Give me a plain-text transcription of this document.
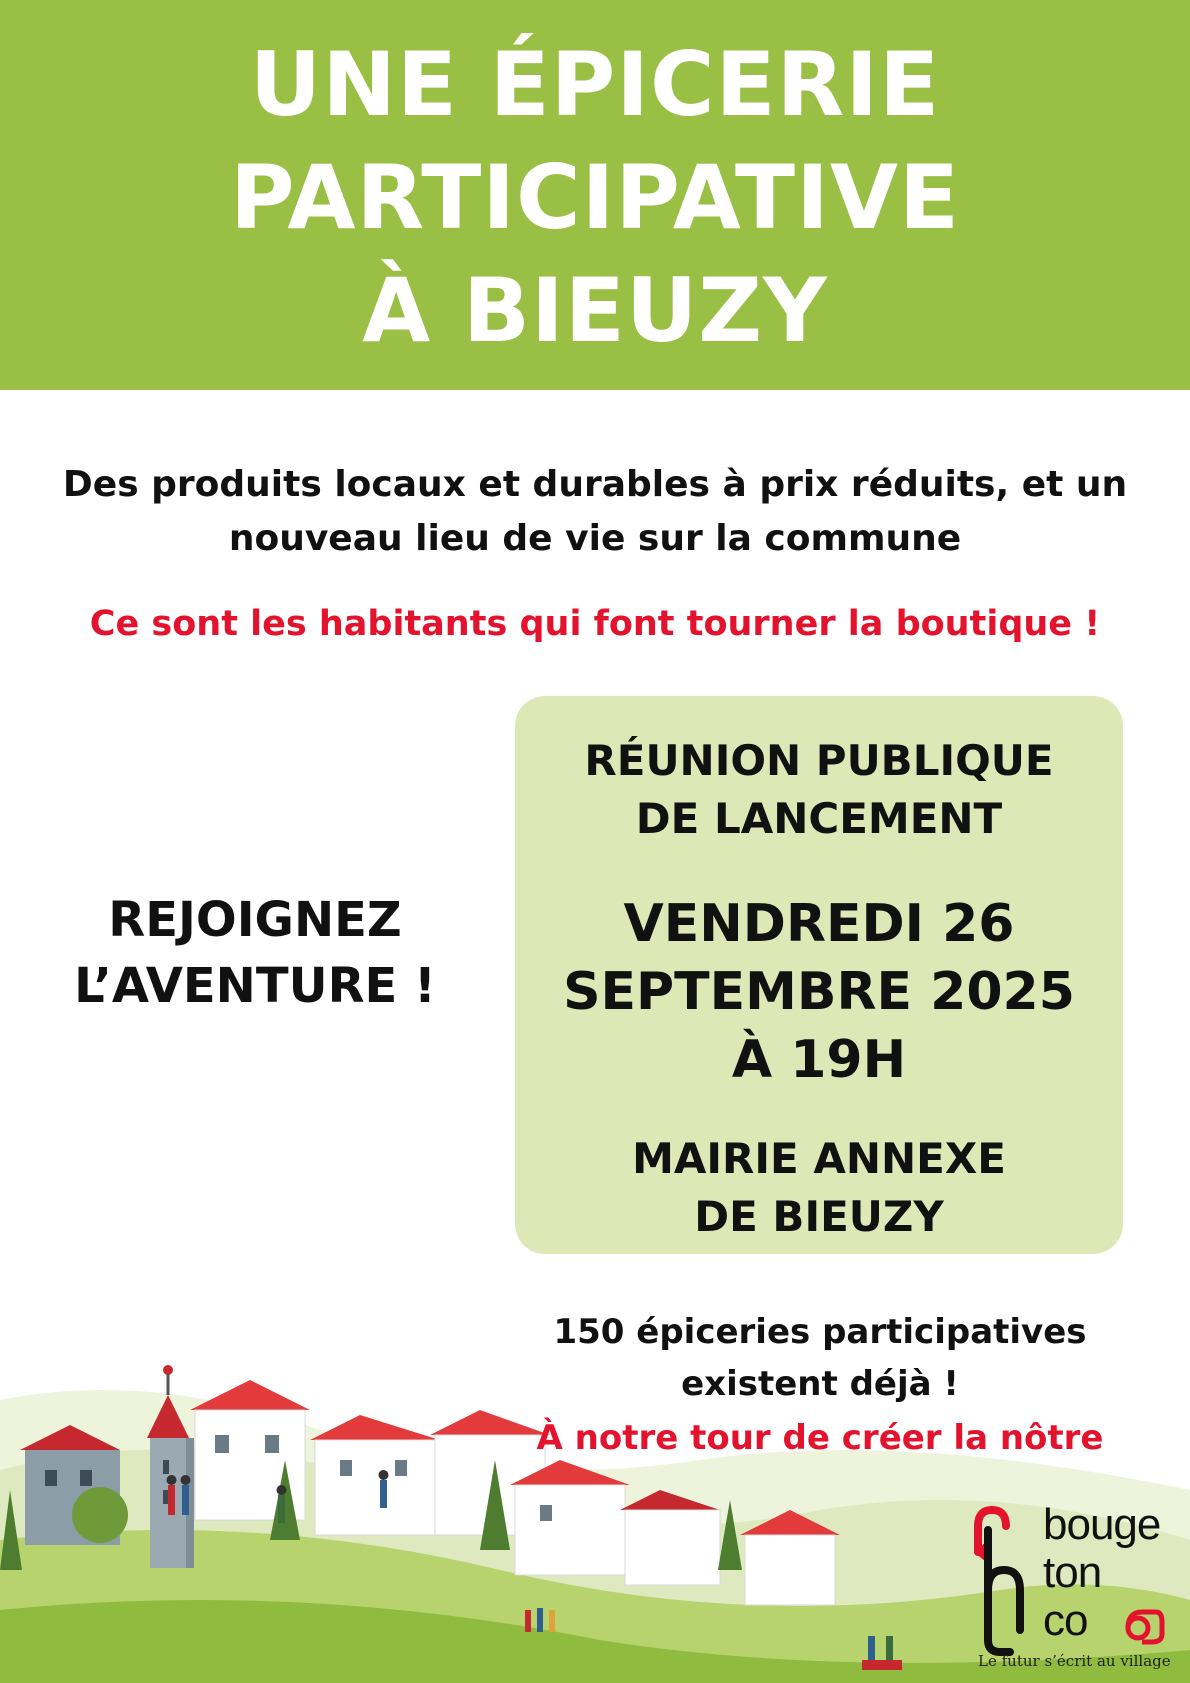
UNE ÉPICERIE
PARTICIPATIVE
À BIEUZY
Des produits locaux et durables à prix réduits, et un
nouveau lieu de vie sur la commune
Ce sont les habitants qui font tourner la boutique !
REJOIGNEZ
L’AVENTURE !
RÉUNION PUBLIQUE
DE LANCEMENT
VENDREDI 26
SEPTEMBRE 2025
À 19H
MAIRIE ANNEXE
DE BIEUZY
150 épiceries participatives
existent déjà !
À notre tour de créer la nôtre
bouge
ton
co
Le futur s’écrit au village
